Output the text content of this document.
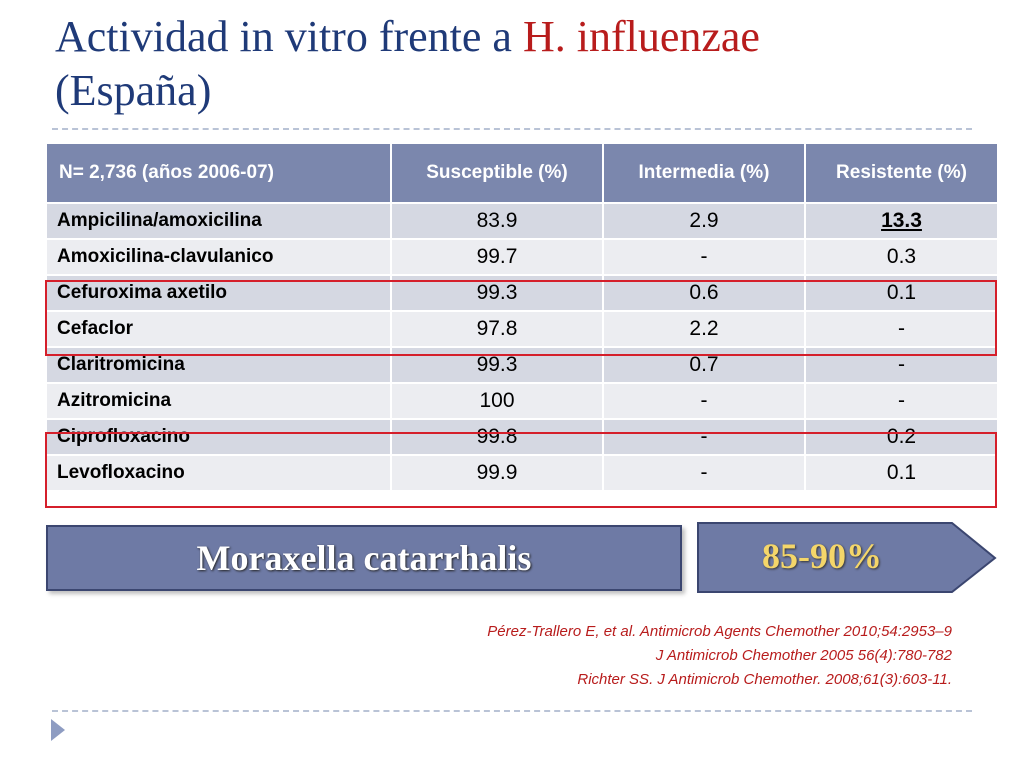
Actividad in vitro frente a H. influenzae
(España)
N= 2,736 (años 2006-07)	Susceptible (%)	Intermedia (%)	Resistente (%)
Ampicilina/amoxicilina	83.9	2.9	13.3
Amoxicilina-clavulanico	99.7	-	0.3
Cefuroxima axetilo	99.3	0.6	0.1
Cefaclor	97.8	2.2	-
Claritromicina	99.3	0.7	-
Azitromicina	100	-	-
Ciprofloxacino	99.8	-	0.2
Levofloxacino	99.9	-	0.1
Moraxella catarrhalis	85-90%
Pérez-Trallero E, et al. Antimicrob Agents Chemother 2010;54:2953–9
J Antimicrob Chemother 2005 56(4):780-782
Richter SS. J Antimicrob Chemother. 2008;61(3):603-11.
